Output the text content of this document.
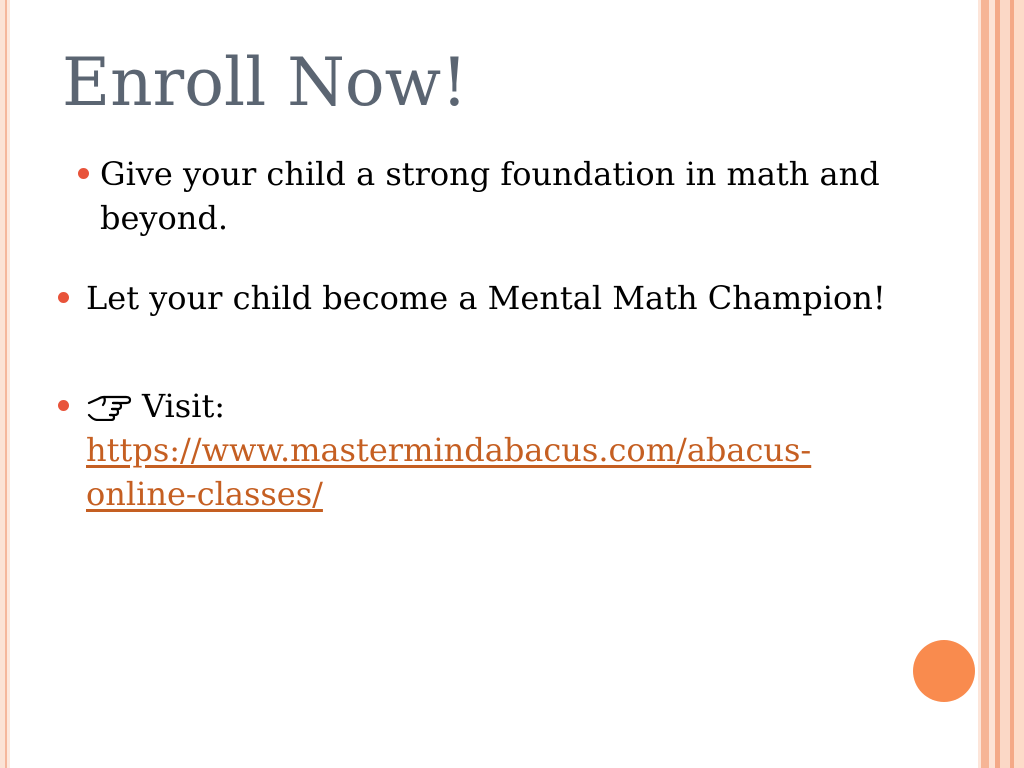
Enroll Now!
Give your child a strong foundation in math and beyond.
Let your child become a Mental Math Champion!
Visit:
https://www.mastermindabacus.com/abacus-online-classes/
